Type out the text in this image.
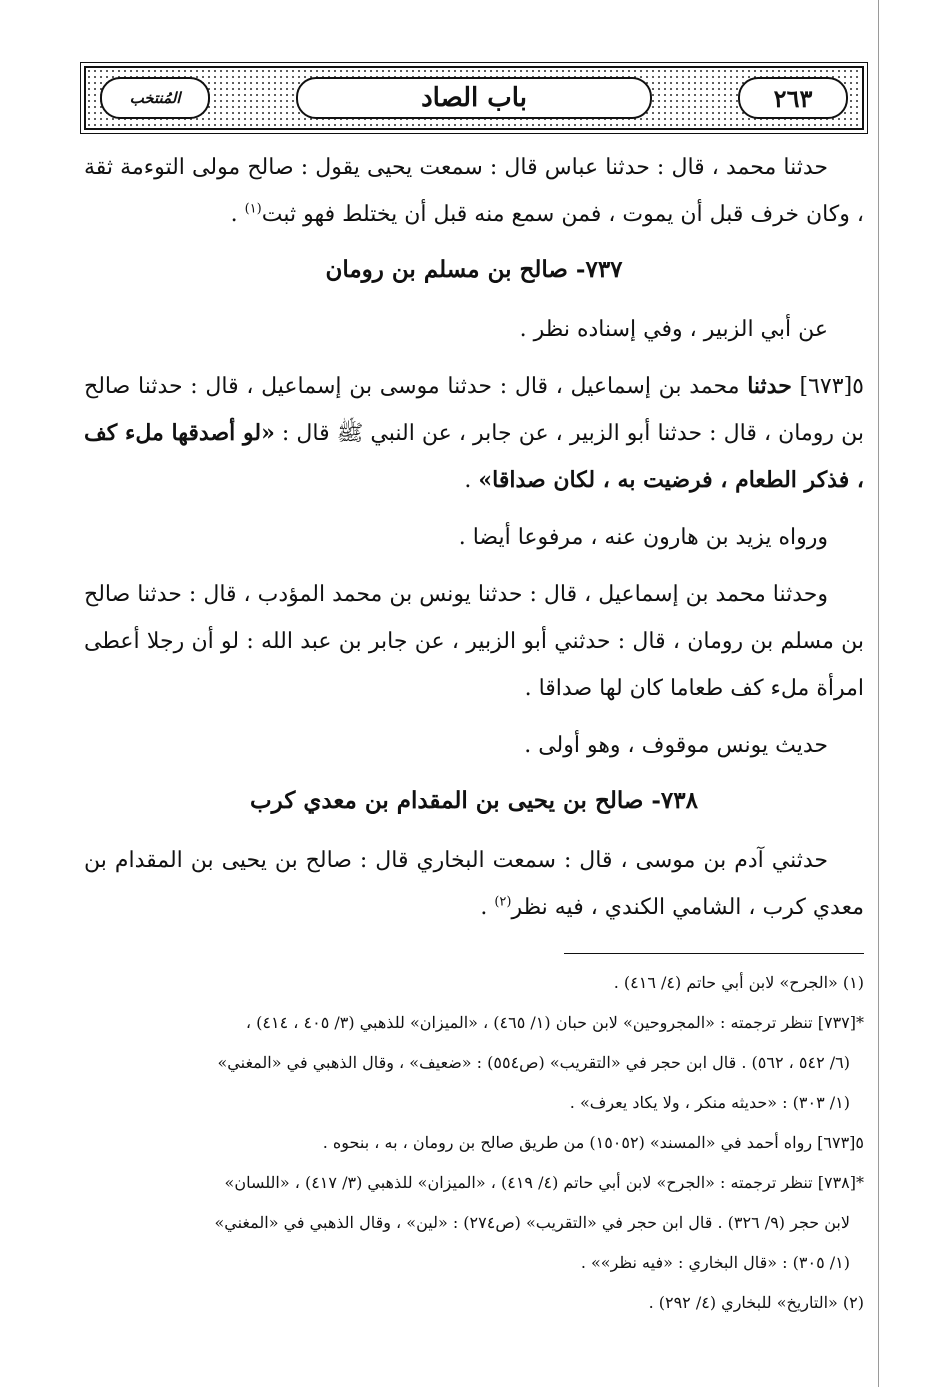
٢٦٣
باب الصاد
المُنتخب

حدثنا محمد ، قال : حدثنا عباس قال : سمعت يحيى يقول : صالح مولى التوءمة ثقة ، وكان خرف قبل أن يموت ، فمن سمع منه قبل أن يختلط فهو ثبت$^{(١)}$ .

٧٣٧- صالح بن مسلم بن رومان

عن أبي الزبير ، وفي إسناده نظر .

٥[٦٧٣] حدثنا محمد بن إسماعيل ، قال : حدثنا موسى بن إسماعيل ، قال : حدثنا صالح بن رومان ، قال : حدثنا أبو الزبير ، عن جابر ، عن النبي ﷺ قال : «لو أصدقها ملء كف ، فذكر الطعام ، فرضيت به ، لكان صداقا» .

ورواه يزيد بن هارون عنه ، مرفوعا أيضا .

وحدثنا محمد بن إسماعيل ، قال : حدثنا يونس بن محمد المؤدب ، قال : حدثنا صالح بن مسلم بن رومان ، قال : حدثني أبو الزبير ، عن جابر بن عبد الله : لو أن رجلا أعطى امرأة ملء كف طعاما كان لها صداقا .

حديث يونس موقوف ، وهو أولى .

٧٣٨- صالح بن يحيى بن المقدام بن معدي كرب

حدثني آدم بن موسى ، قال : سمعت البخاري قال : صالح بن يحيى بن المقدام بن معدي كرب ، الشامي الكندي ، فيه نظر$^{(٢)}$ .

(١) «الجرح» لابن أبي حاتم (٤/ ٤١٦) .

*[٧٣٧] تنظر ترجمته : «المجروحين» لابن حبان (١/ ٤٦٥) ، «الميزان» للذهبي (٣/ ٤٠٥ ، ٤١٤) ،

(٦/ ٥٤٢ ، ٥٦٢) . قال ابن حجر في «التقريب» (ص٥٥٤) : «ضعيف» ، وقال الذهبي في «المغني»

(١/ ٣٠٣) : «حديثه منكر ، ولا يكاد يعرف» .

٥[٦٧٣] رواه أحمد في «المسند» (١٥٠٥٢) من طريق صالح بن رومان ، به ، بنحوه .

*[٧٣٨] تنظر ترجمته : «الجرح» لابن أبي حاتم (٤/ ٤١٩) ، «الميزان» للذهبي (٣/ ٤١٧) ، «اللسان»

لابن حجر (٩/ ٣٢٦) . قال ابن حجر في «التقريب» (ص٢٧٤) : «لين» ، وقال الذهبي في «المغني»

(١/ ٣٠٥) : «قال البخاري : «فيه نظر»» .

(٢) «التاريخ» للبخاري (٤/ ٢٩٢) .
